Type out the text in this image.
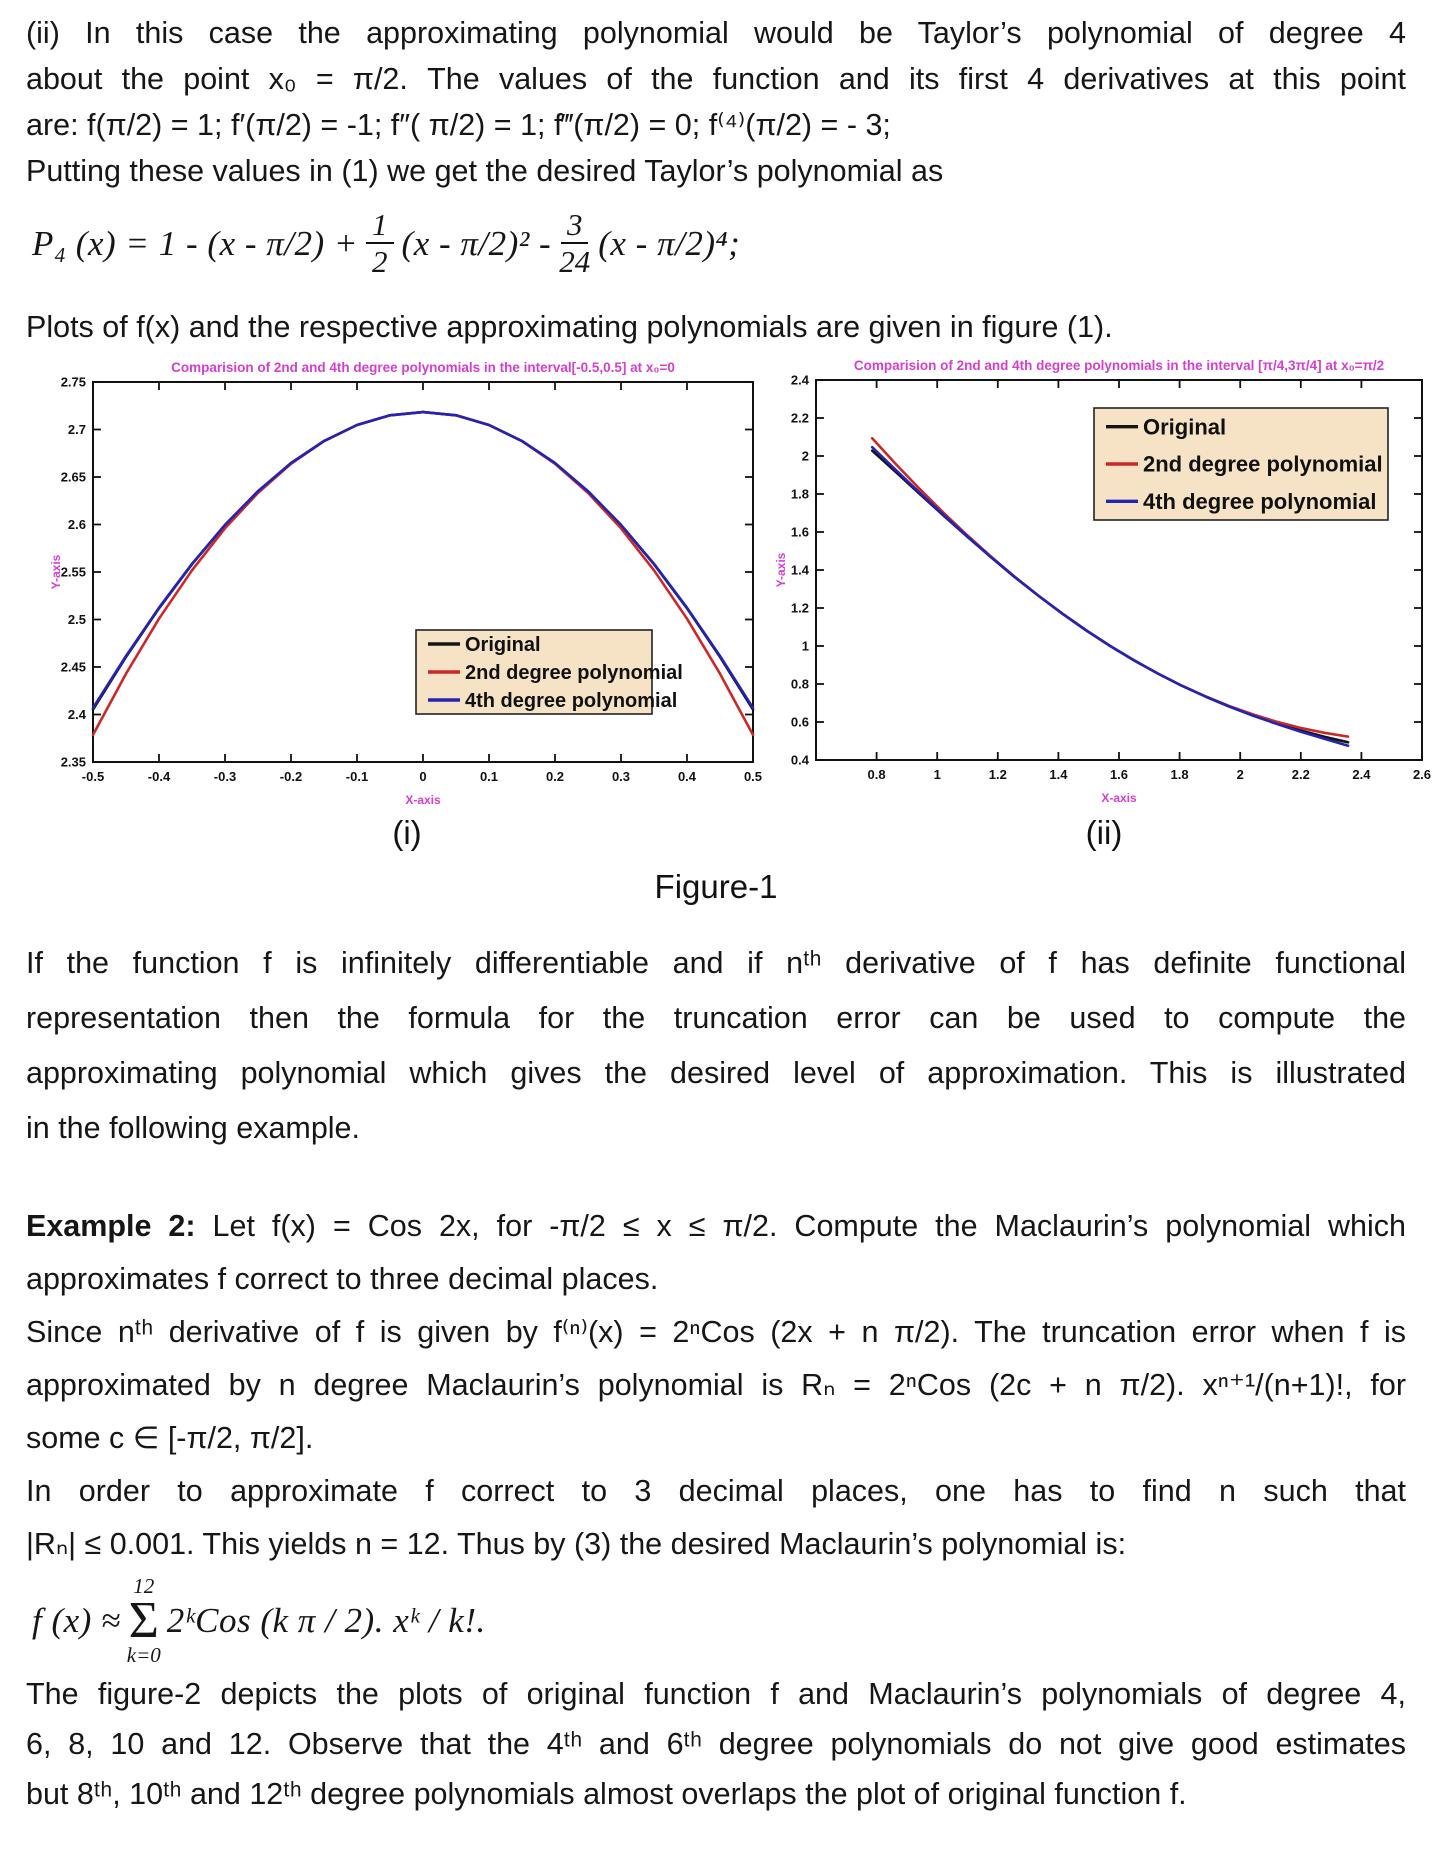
(ii) In this case the approximating polynomial would be Taylor’s polynomial of degree 4
about the point x₀ = π/2. The values of the function and its first 4 derivatives at this point
are: f(π/2) = 1; f′(π/2) = -1; f″( π/2) = 1; f‴(π/2) = 0; f⁽⁴⁾(π/2) = - 3;
Putting these values in (1) we get the desired Taylor’s polynomial as
P₄ $(x) = 1 - (x - \pi/2) + \frac{1}{2} (x - \pi/2)^2 - \frac{3}{24} (x - \pi/2)^4$;
Plots of f(x) and the respective approximating polynomials are given in figure (1).
-0.5	-0.4	-0.3	-0.2	-0.1	0	0.1	0.2	0.3	0.4	0.5
2.35
2.4
2.45
2.5
2.55
2.6
2.65
2.7
2.75
Comparision of 2nd and 4th degree polynomials in the interval[-0.5,0.5] at x₀=0
X-axis
Y-axis
Original
2nd degree polynomial
4th degree polynomial
(i)
0.8	1	1.2	1.4	1.6	1.8	2	2.2	2.4	2.6
0.4
0.6
0.8
1
1.2
1.4
1.6
1.8
2
2.2
2.4
Comparision of 2nd and 4th degree polynomials in the interval [π/4,3π/4] at x₀=π/2
X-axis
Y-axis
Original
2nd degree polynomial
4th degree polynomial
(ii)
Figure-1
If the function f is infinitely differentiable and if nᵗʰ derivative of f has definite functional
representation then the formula for the truncation error can be used to compute the
approximating polynomial which gives the desired level of approximation. This is illustrated
in the following example.
Example 2: Let f(x) = Cos 2x, for -π/2 ≤ x ≤ π/2. Compute the Maclaurin’s polynomial which
approximates f correct to three decimal places.
Since nᵗʰ derivative of f is given by f⁽ⁿ⁾(x) = 2ⁿCos (2x + n π/2). The truncation error when f is
approximated by n degree Maclaurin’s polynomial is Rₙ = 2ⁿCos (2c + n π/2). xⁿ⁺¹/(n+1)!, for
some c ∈ [-π/2, π/2].
In order to approximate f correct to 3 decimal places, one has to find n such that
|Rₙ| ≤ 0.001. This yields n = 12. Thus by (3) the desired Maclaurin’s polynomial is:
f (x) ≈
12
Σ
k=0
2ᵏCos (k π / 2). xᵏ / k!.
The figure-2 depicts the plots of original function f and Maclaurin’s polynomials of degree 4,
6, 8, 10 and 12. Observe that the 4ᵗʰ and 6ᵗʰ degree polynomials do not give good estimates
but 8ᵗʰ, 10ᵗʰ and 12ᵗʰ degree polynomials almost overlaps the plot of original function f.
